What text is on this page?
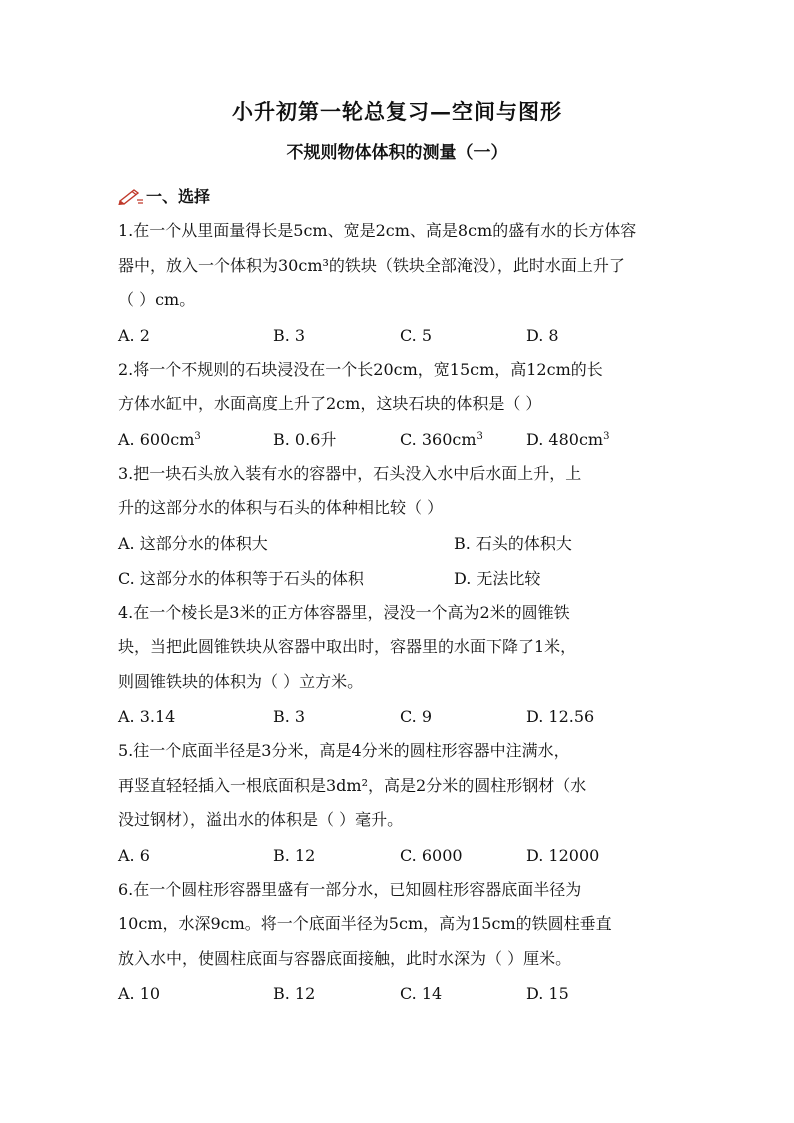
小升初第一轮总复习—空间与图形
不规则物体体积的测量（一）
一、选择
1.在一个从里面量得长是5cm、宽是2cm、高是8cm的盛有水的长方体容
器中，放入一个体积为30cm³的铁块（铁块全部淹没），此时水面上升了
（ ）cm。
A. 2	B. 3	C. 5	D. 8
2.将一个不规则的石块浸没在一个长20cm，宽15cm，高12cm的长
方体水缸中，水面高度上升了2cm，这块石块的体积是（ ）
A. $600cm^3$	B. 0.6升	C. $360cm^3$	D. $480cm^3$
3.把一块石头放入装有水的容器中，石头没入水中后水面上升，上
升的这部分水的体积与石头的体种相比较（ ）
A. 这部分水的体积大	B. 石头的体积大
C. 这部分水的体积等于石头的体积	D. 无法比较
4.在一个棱长是3米的正方体容器里，浸没一个高为2米的圆锥铁
块，当把此圆锥铁块从容器中取出时，容器里的水面下降了1米，
则圆锥铁块的体积为（ ）立方米。
A. 3.14	B. 3	C. 9	D. 12.56
5.往一个底面半径是3分米，高是4分米的圆柱形容器中注满水，
再竖直轻轻插入一根底面积是3dm²，高是2分米的圆柱形钢材（水
没过钢材），溢出水的体积是（ ）毫升。
A. 6	B. 12	C. 6000	D. 12000
6.在一个圆柱形容器里盛有一部分水，已知圆柱形容器底面半径为
10cm，水深9cm。将一个底面半径为5cm，高为15cm的铁圆柱垂直
放入水中，使圆柱底面与容器底面接触，此时水深为（ ）厘米。
A. 10	B. 12	C. 14	D. 15
